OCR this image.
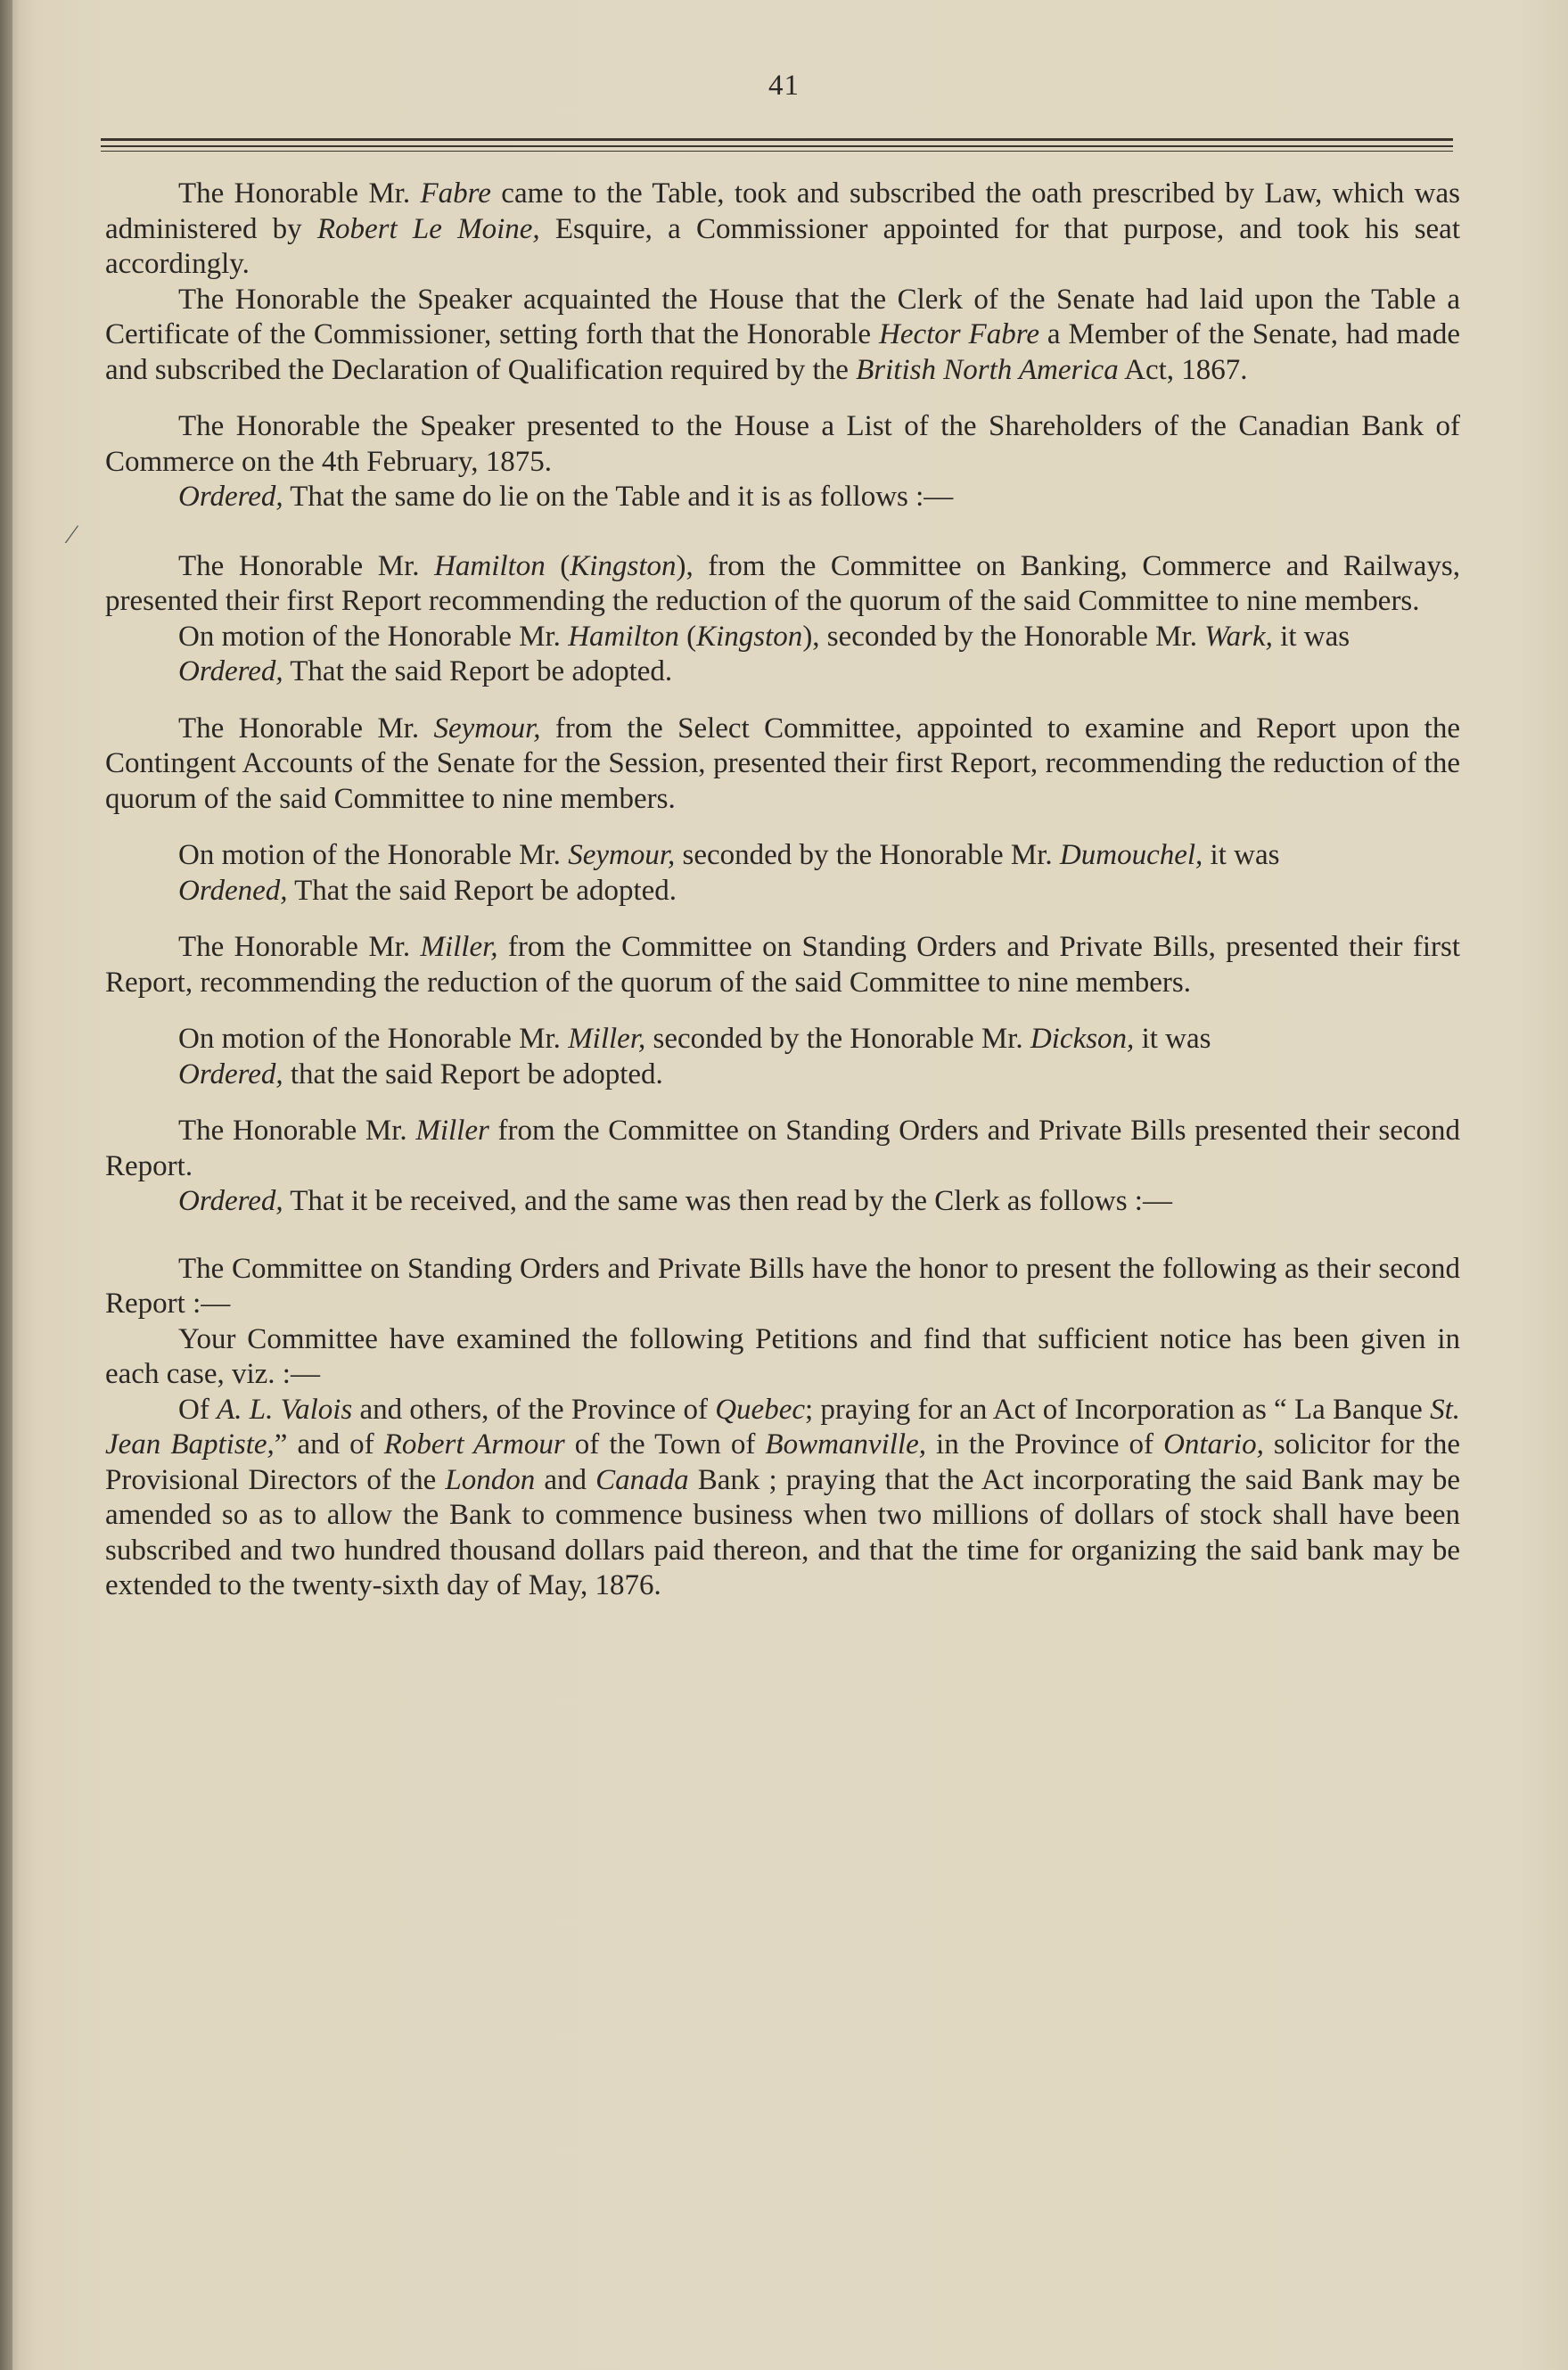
41
⁄

The Honorable Mr. Fabre came to the Table, took and subscribed the oath prescribed by Law, which was administered by Robert Le Moine, Esquire, a Commissioner appointed for that purpose, and took his seat accordingly.

The Honorable the Speaker acquainted the House that the Clerk of the Senate had laid upon the Table a Certificate of the Commissioner, setting forth that the Honorable Hector Fabre a Member of the Senate, had made and subscribed the Declaration of Qualification required by the British North America Act, 1867.

The Honorable the Speaker presented to the House a List of the Shareholders of the Canadian Bank of Commerce on the 4th February, 1875.

Ordered, That the same do lie on the Table and it is as follows :—

The Honorable Mr. Hamilton (Kingston), from the Committee on Banking, Commerce and Railways, presented their first Report recommending the reduction of the quorum of the said Committee to nine members.

On motion of the Honorable Mr. Hamilton (Kingston), seconded by the Honorable Mr. Wark, it was

Ordered, That the said Report be adopted.

The Honorable Mr. Seymour, from the Select Committee, appointed to examine and Report upon the Contingent Accounts of the Senate for the Session, presented their first Report, recommending the reduction of the quorum of the said Committee to nine members.

On motion of the Honorable Mr. Seymour, seconded by the Honorable Mr. Dumouchel, it was

Ordened, That the said Report be adopted.

The Honorable Mr. Miller, from the Committee on Standing Orders and Private Bills, presented their first Report, recommending the reduction of the quorum of the said Committee to nine members.

On motion of the Honorable Mr. Miller, seconded by the Honorable Mr. Dickson, it was

Ordered, that the said Report be adopted.

The Honorable Mr. Miller from the Committee on Standing Orders and Private Bills presented their second Report.

Ordered, That it be received, and the same was then read by the Clerk as follows :—

The Committee on Standing Orders and Private Bills have the honor to present the following as their second Report :—

Your Committee have examined the following Petitions and find that sufficient notice has been given in each case, viz. :—

Of A. L. Valois and others, of the Province of Quebec; praying for an Act of Incorporation as “ La Banque St. Jean Baptiste,” and of Robert Armour of the Town of Bowmanville, in the Province of Ontario, solicitor for the Provisional Directors of the London and Canada Bank ; praying that the Act incorporating the said Bank may be amended so as to allow the Bank to commence business when two millions of dollars of stock shall have been subscribed and two hundred thousand dollars paid thereon, and that the time for organizing the said bank may be extended to the twenty-sixth day of May, 1876.
